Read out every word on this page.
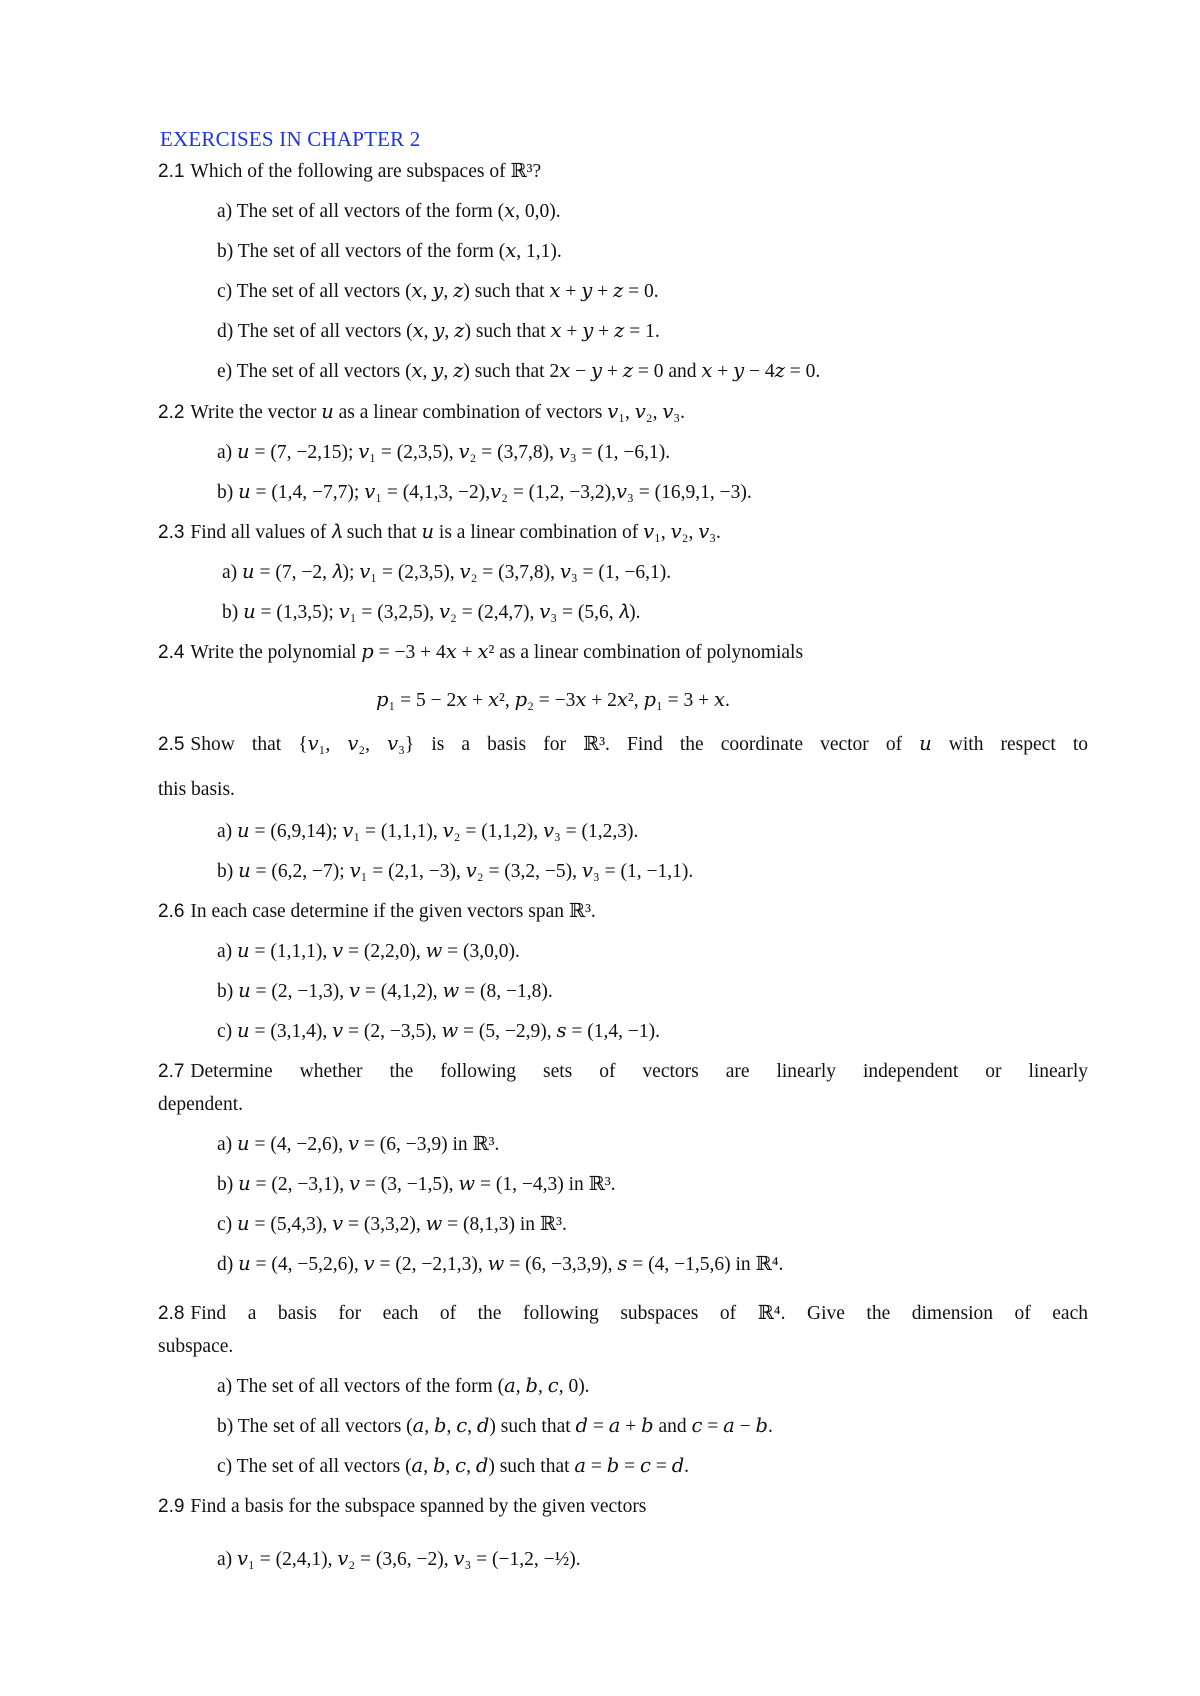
EXERCISES IN CHAPTER 2
2.1 Which of the following are subspaces of ℝ³?
a) The set of all vectors of the form (𝑥, 0,0).
b) The set of all vectors of the form (𝑥, 1,1).
c) The set of all vectors (𝑥, 𝑦, 𝑧) such that 𝑥 + 𝑦 + 𝑧 = 0.
d) The set of all vectors (𝑥, 𝑦, 𝑧) such that 𝑥 + 𝑦 + 𝑧 = 1.
e) The set of all vectors (𝑥, 𝑦, 𝑧) such that 2𝑥 − 𝑦 + 𝑧 = 0 and 𝑥 + 𝑦 − 4𝑧 = 0.
2.2 Write the vector 𝑢 as a linear combination of vectors 𝑣₁, 𝑣₂, 𝑣₃.
a) 𝑢 = (7, −2,15); 𝑣₁ = (2,3,5), 𝑣₂ = (3,7,8), 𝑣₃ = (1, −6,1).
b) 𝑢 = (1,4, −7,7); 𝑣₁ = (4,1,3, −2),𝑣₂ = (1,2, −3,2),𝑣₃ = (16,9,1, −3).
2.3 Find all values of 𝜆 such that 𝑢 is a linear combination of 𝑣₁, 𝑣₂, 𝑣₃.
a) 𝑢 = (7, −2, 𝜆); 𝑣₁ = (2,3,5), 𝑣₂ = (3,7,8), 𝑣₃ = (1, −6,1).
b) 𝑢 = (1,3,5); 𝑣₁ = (3,2,5), 𝑣₂ = (2,4,7), 𝑣₃ = (5,6, 𝜆).
2.4 Write the polynomial 𝑝 = −3 + 4𝑥 + 𝑥² as a linear combination of polynomials
𝑝₁ = 5 − 2𝑥 + 𝑥², 𝑝₂ = −3𝑥 + 2𝑥², 𝑝₁ = 3 + 𝑥.
2.5 Show that {𝑣₁, 𝑣₂, 𝑣₃} is a basis for ℝ³. Find the coordinate vector of 𝑢 with respect to
this basis.
a) 𝑢 = (6,9,14); 𝑣₁ = (1,1,1), 𝑣₂ = (1,1,2), 𝑣₃ = (1,2,3).
b) 𝑢 = (6,2, −7); 𝑣₁ = (2,1, −3), 𝑣₂ = (3,2, −5), 𝑣₃ = (1, −1,1).
2.6 In each case determine if the given vectors span ℝ³.
a) 𝑢 = (1,1,1), 𝑣 = (2,2,0), 𝑤 = (3,0,0).
b) 𝑢 = (2, −1,3), 𝑣 = (4,1,2), 𝑤 = (8, −1,8).
c) 𝑢 = (3,1,4), 𝑣 = (2, −3,5), 𝑤 = (5, −2,9), 𝑠 = (1,4, −1).
2.7 Determine whether the following sets of vectors are linearly independent or linearly
dependent.
a) 𝑢 = (4, −2,6), 𝑣 = (6, −3,9) in ℝ³.
b) 𝑢 = (2, −3,1), 𝑣 = (3, −1,5), 𝑤 = (1, −4,3) in ℝ³.
c) 𝑢 = (5,4,3), 𝑣 = (3,3,2), 𝑤 = (8,1,3) in ℝ³.
d) 𝑢 = (4, −5,2,6), 𝑣 = (2, −2,1,3), 𝑤 = (6, −3,3,9), 𝑠 = (4, −1,5,6) in ℝ⁴.
2.8 Find a basis for each of the following subspaces of ℝ⁴. Give the dimension of each
subspace.
a) The set of all vectors of the form (𝑎, 𝑏, 𝑐, 0).
b) The set of all vectors (𝑎, 𝑏, 𝑐, 𝑑) such that 𝑑 = 𝑎 + 𝑏 and 𝑐 = 𝑎 − 𝑏.
c) The set of all vectors (𝑎, 𝑏, 𝑐, 𝑑) such that 𝑎 = 𝑏 = 𝑐 = 𝑑.
2.9 Find a basis for the subspace spanned by the given vectors
a) 𝑣₁ = (2,4,1), 𝑣₂ = (3,6, −2), 𝑣₃ = (−1,2, −½).
